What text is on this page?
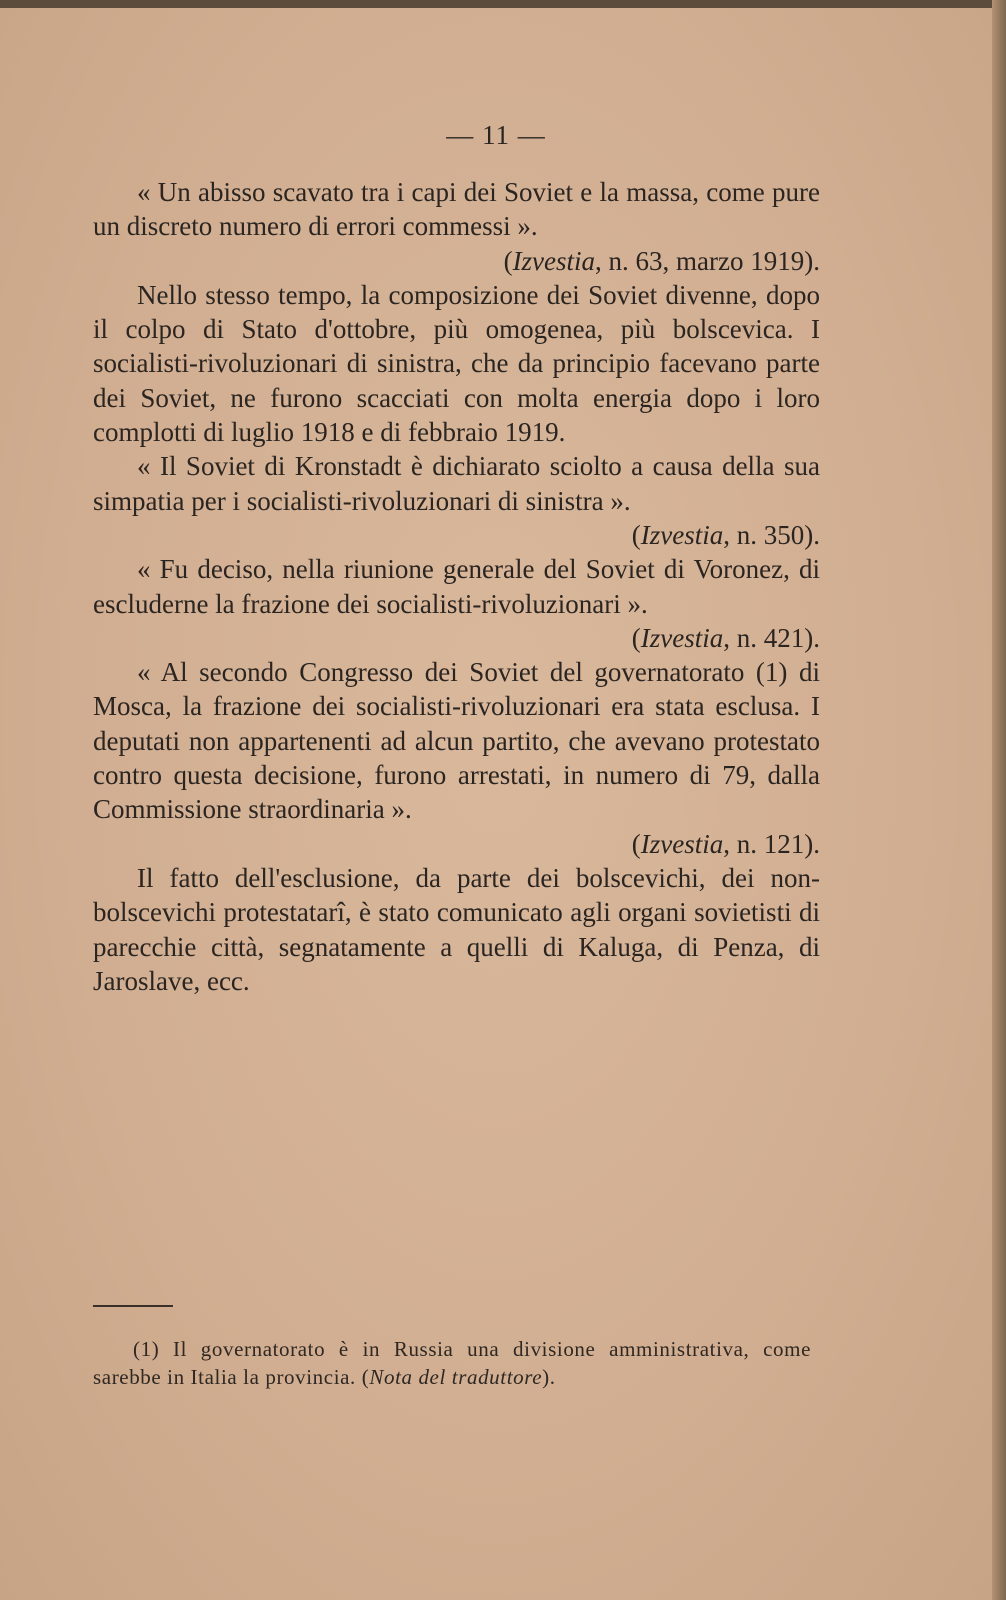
— 11 —

« Un abisso scavato tra i capi dei Soviet e la massa, come pure un discreto numero di errori commessi ».

(Izvestia, n. 63, marzo 1919).

Nello stesso tempo, la composizione dei Soviet divenne, dopo il colpo di Stato d'ottobre, più omogenea, più bolscevica. I socialisti-rivoluzionari di sinistra, che da principio facevano parte dei Soviet, ne furono scacciati con molta energia dopo i loro complotti di luglio 1918 e di febbraio 1919.

« Il Soviet di Kronstadt è dichiarato sciolto a causa della sua simpatia per i socialisti-rivoluzionari di sinistra ».

(Izvestia, n. 350).

« Fu deciso, nella riunione generale del Soviet di Voronez, di escluderne la frazione dei socialisti-rivoluzionari ».

(Izvestia, n. 421).

« Al secondo Congresso dei Soviet del governatorato (1) di Mosca, la frazione dei socialisti-rivoluzionari era stata esclusa. I deputati non appartenenti ad alcun partito, che avevano protestato contro questa decisione, furono arrestati, in numero di 79, dalla Commissione straordinaria ».

(Izvestia, n. 121).

Il fatto dell'esclusione, da parte dei bolscevichi, dei non-bolscevichi protestatarî, è stato comunicato agli organi sovietisti di parecchie città, segnatamente a quelli di Kaluga, di Penza, di Jaroslave, ecc.

(1) Il governatorato è in Russia una divisione amministrativa, come sarebbe in Italia la provincia. (Nota del traduttore).
